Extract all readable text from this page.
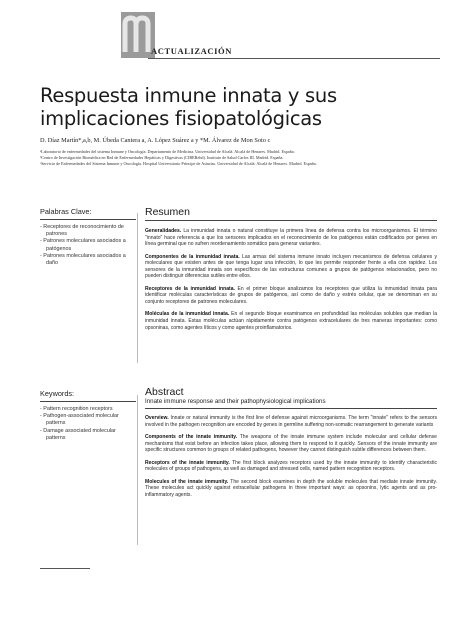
ACTUALIZACIÓN
Respuesta inmune innata y sus implicaciones fisiopatológicas
D. Díaz Martín*,a,b, M. Úbeda Cantera a, A. López Suárez a y *M. Álvarez de Mon Soto c
ᵃLaboratorio de enfermedades del sistema Inmune y Oncología. Departamento de Medicina. Universidad de Alcalá. Alcalá de Henares. Madrid. España.
ᵇCentro de Investigación Biomédica en Red de Enfermedades Hepáticas y Digestivas (CIBERehd). Instituto de Salud Carlos III. Madrid. España.
ᶜServicio de Enfermedades del Sistema Inmune y Oncología. Hospital Universitario Príncipe de Asturias. Universidad de Alcalá. Alcalá de Henares. Madrid. España.
Palabras Clave:
- Receptores de reconocimiento de patrones
- Patrones moleculares asociados a patógenos
- Patrones moleculares asociados a daño
Keywords:
- Pattern recognition receptors
- Pathogen-associated molecular patterns
- Damage associated molecular patterns
Resumen

Generalidades. La inmunidad innata o natural constituye la primera línea de defensa contra los microorganismos. El término "innato" hace referencia a que los sensores implicados en el reconocimiento de los patógenos están codificados por genes en línea germinal que no sufren reordenamiento somático para generar variantes.

Componentes de la inmunidad innata. Las armas del sistema inmune innato incluyen mecanismos de defensa celulares y moleculares que existen antes de que tenga lugar una infección, lo que les permite responder frente a ella con rapidez. Los sensores de la inmunidad innata son específicos de las estructuras comunes a grupos de patógenos relacionados, pero no pueden distinguir diferencias sutiles entre ellos.

Receptores de la inmunidad innata. En el primer bloque analizamos los receptores que utiliza la inmunidad innata para identificar moléculas características de grupos de patógenos, así como de daño y estrés celular, que se denominan en su conjunto receptores de patrones moleculares.

Moléculas de la inmunidad innata. En el segundo bloque examinamos en profundidad las moléculas solubles que median la inmunidad innata. Estas moléculas actúan rápidamente contra patógenos extracelulares de tres maneras importantes: como opsoninas, como agentes líticos y como agentes proinflamatorios.

Abstract
Innate immune response and their pathophysiological implications

Overview. Innate or natural immunity is the first line of defense against microorganisms. The term "innate" refers to the sensors involved in the pathogen recognition are encoded by genes in germline suffering non-somatic rearrangement to generate variants

Components of the innate immunity. The weapons of the innate immune system include molecular and cellular defense mechanisms that exist before an infection takes place, allowing them to respond to it quickly. Sensors of the innate immunity are specific structures common to groups of related pathogens, however they cannot distinguish subtle differences between them.

Receptors of the innate immunity. The first block analyzes receptors used by the innate immunity to identify characteristic molecules of groups of pathogens, as well as damaged and stressed cells, named pattern recognition receptors.

Molecules of the innate immunity. The second block examines in depth the soluble molecules that mediate innate immunity. These molecules act quickly against extracellular pathogens in three important ways: as opsonins, lytic agents and as pro-inflammatory agents.
